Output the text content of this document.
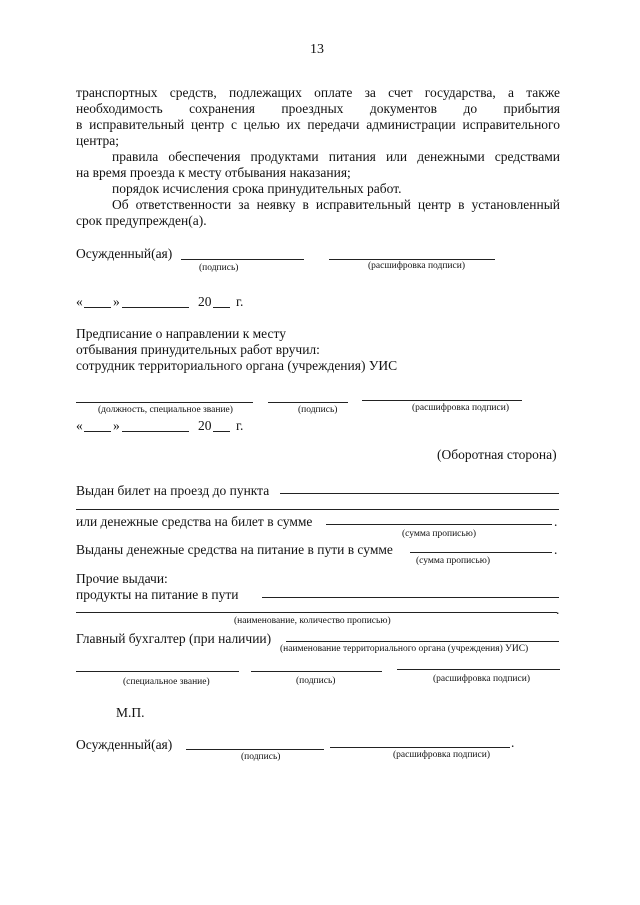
13
транспортных средств, подлежащих оплате за счет государства, а также
необходимость сохранения проездных документов до прибытия
в исправительный центр с целью их передачи администрации исправительного
центра;
правила обеспечения продуктами питания или денежными средствами
на время проезда к месту отбывания наказания;
порядок исчисления срока принудительных работ.
Об ответственности за неявку в исправительный центр в установленный
срок предупрежден(а).
Осужденный(ая)
(подпись)	(расшифровка подписи)
« »	20 г.
Предписание о направлении к месту
отбывания принудительных работ вручил:
сотрудник территориального органа (учреждения) УИС
(должность, специальное звание)	(подпись)	(расшифровка подписи)
« »	20 г.
(Оборотная сторона)
Выдан билет на проезд до пункта
или денежные средства на билет в сумме	.
(сумма прописью)
Выданы денежные средства на питание в пути в сумме	.
(сумма прописью)
Прочие выдачи:
продукты на питание в пути
.
(наименование, количество прописью)
Главный бухгалтер (при наличии)
(наименование территориального органа (учреждения) УИС)
(специальное звание)	(подпись)	(расшифровка подписи)
М.П.
Осужденный(ая)	.
(подпись)	(расшифровка подписи)
